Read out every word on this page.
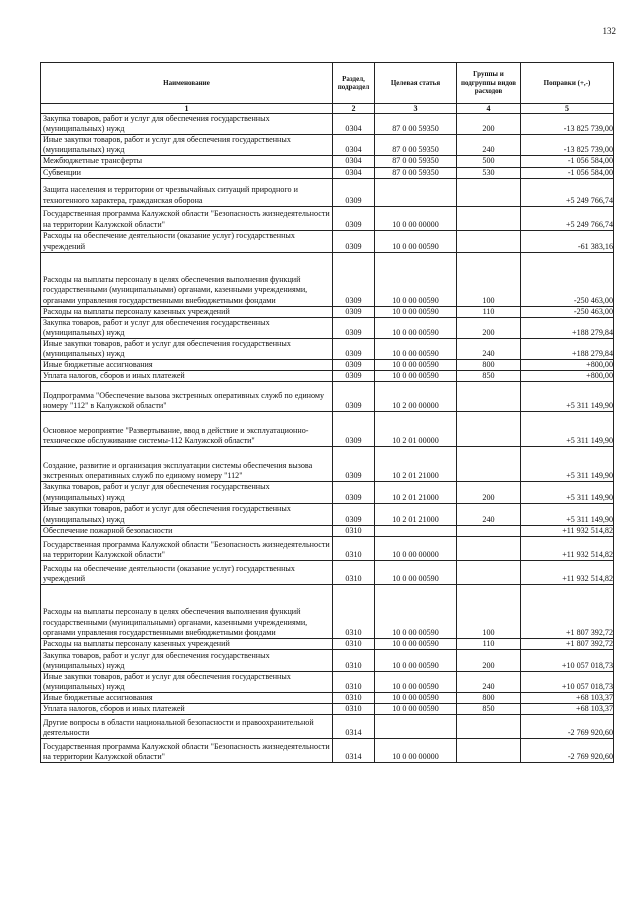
132
Наименование	Раздел, подраздел	Целевая статья	Группы и подгруппы видов расходов	Поправки (+,-)
1	2	3	4	5
Закупка товаров, работ и услуг для обеспечения государственных (муниципальных) нужд	0304	87 0 00 59350	200	-13 825 739,00
Иные закупки товаров, работ и услуг для обеспечения государственных (муниципальных) нужд	0304	87 0 00 59350	240	-13 825 739,00
Межбюджетные трансферты	0304	87 0 00 59350	500	-1 056 584,00
Субвенции	0304	87 0 00 59350	530	-1 056 584,00
Защита населения и территории от чрезвычайных ситуаций природного и техногенного характера, гражданская оборона	0309			+5 249 766,74
Государственная программа Калужской области "Безопасность жизнедеятельности на территории Калужской области"	0309	10 0 00 00000		+5 249 766,74
Расходы на обеспечение деятельности (оказание услуг) государственных учреждений	0309	10 0 00 00590		-61 383,16
Расходы на выплаты персоналу в целях обеспечения выполнения функций государственными (муниципальными) органами, казенными учреждениями, органами управления государственными внебюджетными фондами	0309	10 0 00 00590	100	-250 463,00
Расходы на выплаты персоналу казенных учреждений	0309	10 0 00 00590	110	-250 463,00
Закупка товаров, работ и услуг для обеспечения государственных (муниципальных) нужд	0309	10 0 00 00590	200	+188 279,84
Иные закупки товаров, работ и услуг для обеспечения государственных (муниципальных) нужд	0309	10 0 00 00590	240	+188 279,84
Иные бюджетные ассигнования	0309	10 0 00 00590	800	+800,00
Уплата налогов, сборов и иных платежей	0309	10 0 00 00590	850	+800,00
Подпрограмма "Обеспечение вызова экстренных оперативных служб по единому номеру "112" в Калужской области"	0309	10 2 00 00000		+5 311 149,90
Основное мероприятие "Развертывание, ввод в действие и эксплуатационно-техническое обслуживание системы-112 Калужской области"	0309	10 2 01 00000		+5 311 149,90
Создание, развитие и организация эксплуатации системы обеспечения вызова экстренных оперативных служб по единому номеру "112"	0309	10 2 01 21000		+5 311 149,90
Закупка товаров, работ и услуг для обеспечения государственных (муниципальных) нужд	0309	10 2 01 21000	200	+5 311 149,90
Иные закупки товаров, работ и услуг для обеспечения государственных (муниципальных) нужд	0309	10 2 01 21000	240	+5 311 149,90
Обеспечение пожарной безопасности	0310			+11 932 514,82
Государственная программа Калужской области "Безопасность жизнедеятельности на территории Калужской области"	0310	10 0 00 00000		+11 932 514,82
Расходы на обеспечение деятельности (оказание услуг) государственных учреждений	0310	10 0 00 00590		+11 932 514,82
Расходы на выплаты персоналу в целях обеспечения выполнения функций государственными (муниципальными) органами, казенными учреждениями, органами управления государственными внебюджетными фондами	0310	10 0 00 00590	100	+1 807 392,72
Расходы на выплаты персоналу казенных учреждений	0310	10 0 00 00590	110	+1 807 392,72
Закупка товаров, работ и услуг для обеспечения государственных (муниципальных) нужд	0310	10 0 00 00590	200	+10 057 018,73
Иные закупки товаров, работ и услуг для обеспечения государственных (муниципальных) нужд	0310	10 0 00 00590	240	+10 057 018,73
Иные бюджетные ассигнования	0310	10 0 00 00590	800	+68 103,37
Уплата налогов, сборов и иных платежей	0310	10 0 00 00590	850	+68 103,37
Другие вопросы в области национальной безопасности и правоохранительной деятельности	0314			-2 769 920,60
Государственная программа Калужской области "Безопасность жизнедеятельности на территории Калужской области"	0314	10 0 00 00000		-2 769 920,60
